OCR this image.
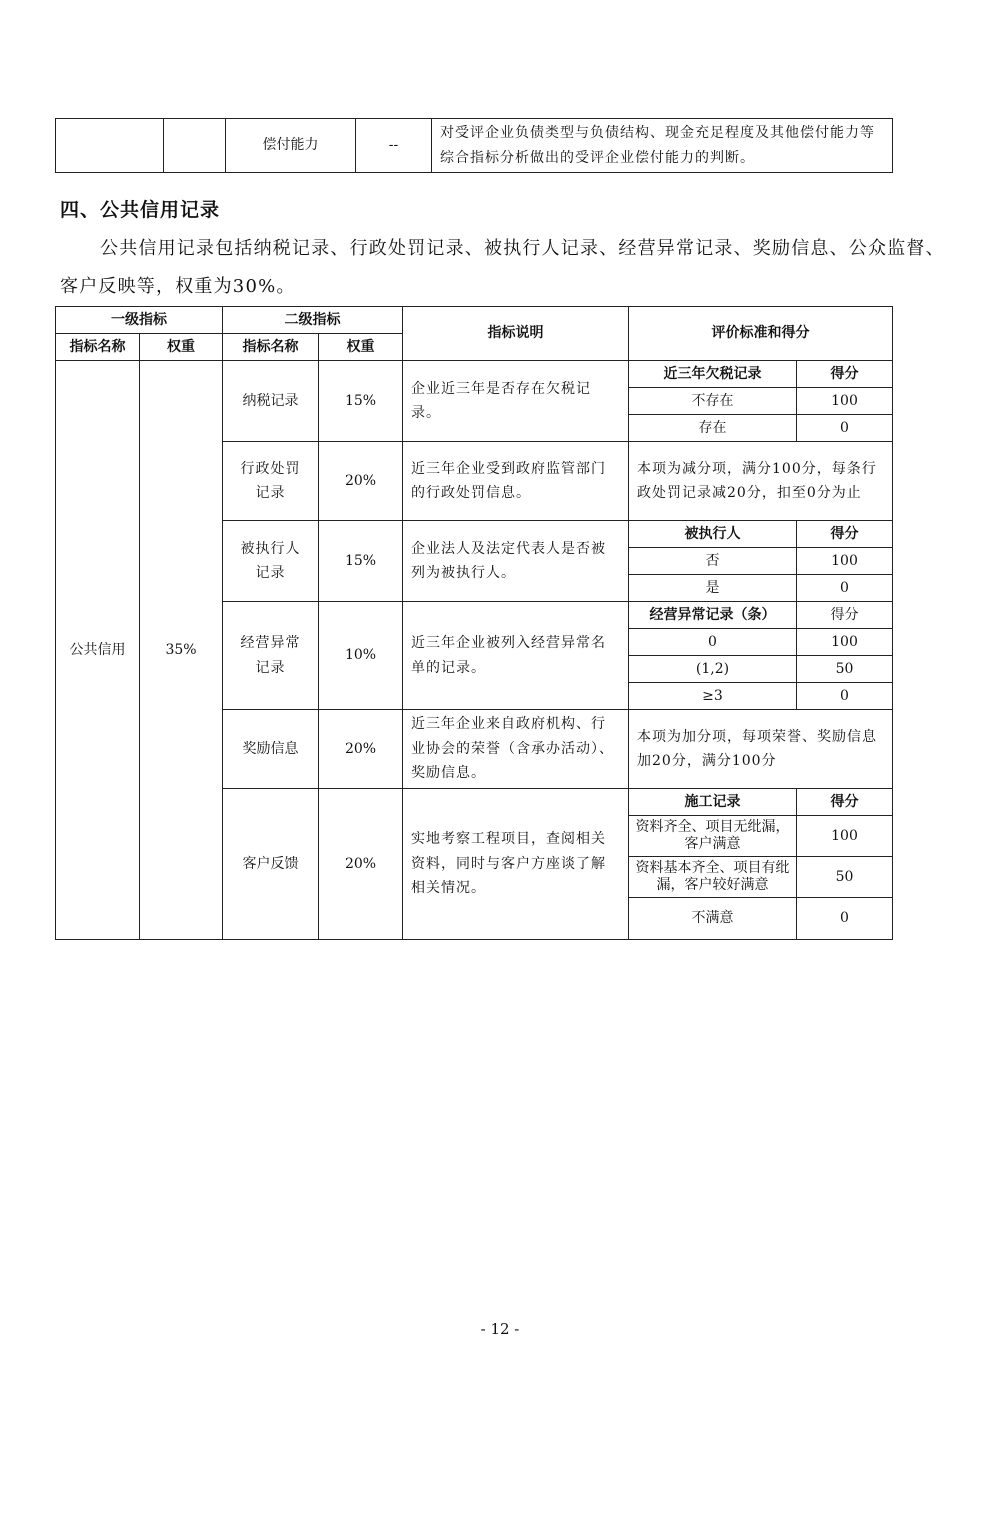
		偿付能力	--	对受评企业负债类型与负债结构、现金充足程度及其他偿付能力等综合指标分析做出的受评企业偿付能力的判断。
四、公共信用记录

公共信用记录包括纳税记录、行政处罚记录、被执行人记录、经营异常记录、奖励信息、公众监督、客户反映等，权重为30%。

一级指标		二级指标		指标说明	评价标准和得分	
指标名称	权重	指标名称	权重			
公共信用	35%	纳税记录	15%	企业近三年是否存在欠税记录。	近三年欠税记录	得分
					不存在	100
					存在	0
		行政处罚记录	20%	近三年企业受到政府监管部门的行政处罚信息。	本项为减分项，满分100分，每条行政处罚记录减20分，扣至0分为止	
		被执行人记录	15%	企业法人及法定代表人是否被列为被执行人。	被执行人	得分
					否	100
					是	0
		经营异常记录	10%	近三年企业被列入经营异常名单的记录。	经营异常记录（条）	得分
					0	100
					(1,2)	50
					≥3	0
		奖励信息	20%	近三年企业来自政府机构、行业协会的荣誉（含承办活动）、奖励信息。	本项为加分项，每项荣誉、奖励信息加20分，满分100分	
		客户反馈	20%	实地考察工程项目，查阅相关资料，同时与客户方座谈了解相关情况。	施工记录	得分
					资料齐全、项目无纰漏，客户满意	100
					资料基本齐全、项目有纰漏，客户较好满意	50
					不满意	0
- 12 -
